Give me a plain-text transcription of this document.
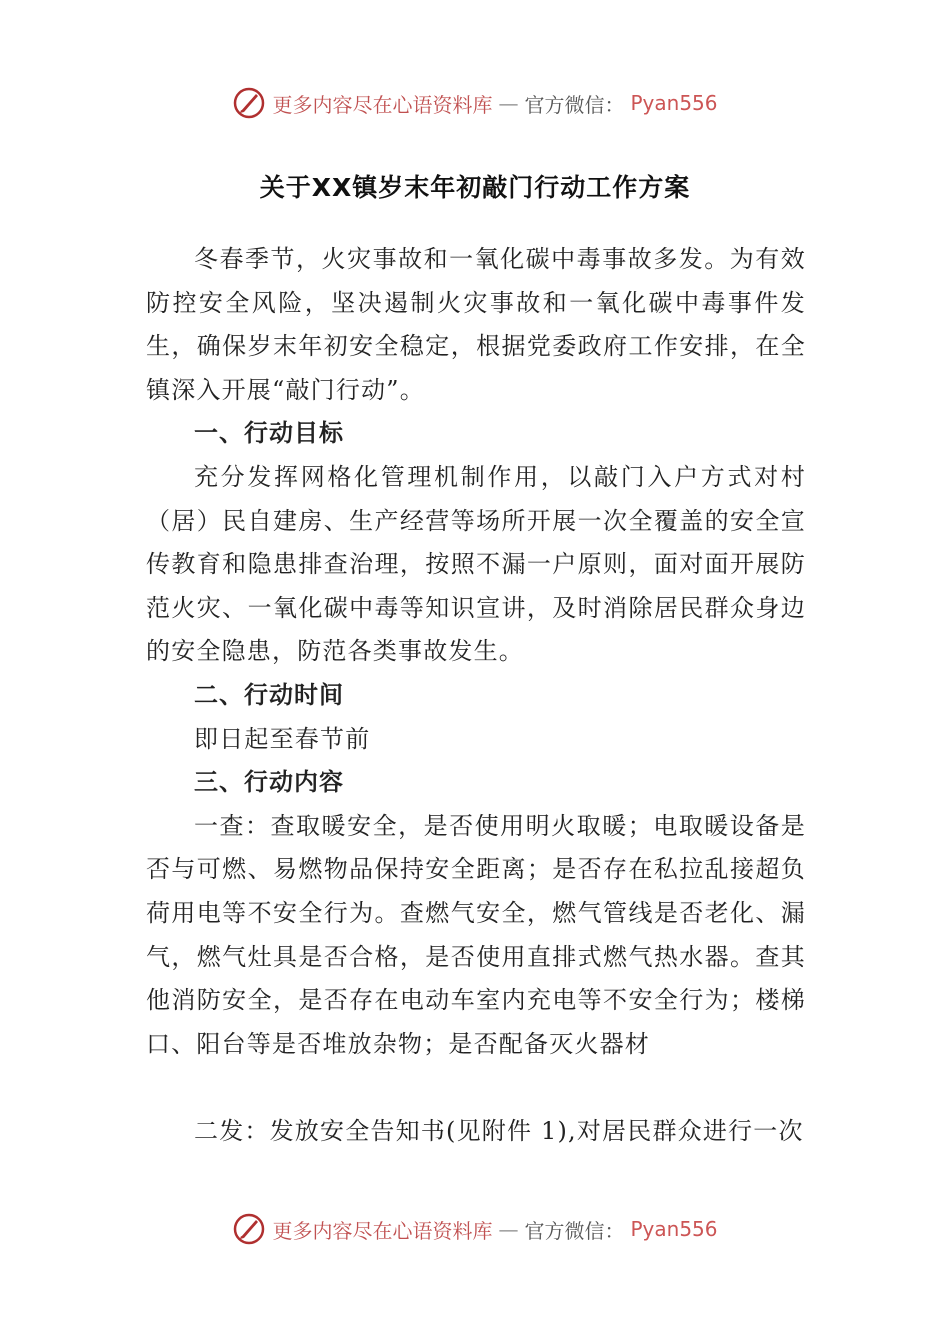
更多内容尽在心语资料库 — 官方微信： Pyan556
关于XX镇岁末年初敲门行动工作方案

冬春季节，火灾事故和一氧化碳中毒事故多发。为有效防控安全风险，坚决遏制火灾事故和一氧化碳中毒事件发生，确保岁末年初安全稳定，根据党委政府工作安排，在全镇深入开展“敲门行动”。

一、行动目标

充分发挥网格化管理机制作用，以敲门入户方式对村（居）民自建房、生产经营等场所开展一次全覆盖的安全宣传教育和隐患排查治理，按照不漏一户原则，面对面开展防范火灾、一氧化碳中毒等知识宣讲，及时消除居民群众身边的安全隐患，防范各类事故发生。

二、行动时间

即日起至春节前

三、行动内容

一查：查取暖安全，是否使用明火取暖；电取暖设备是否与可燃、易燃物品保持安全距离；是否存在私拉乱接超负荷用电等不安全行为。查燃气安全，燃气管线是否老化、漏气，燃气灶具是否合格，是否使用直排式燃气热水器。查其他消防安全，是否存在电动车室内充电等不安全行为；楼梯口、阳台等是否堆放杂物；是否配备灭火器材

二发：发放安全告知书(见附件 1),对居民群众进行一次

更多内容尽在心语资料库 — 官方微信： Pyan556
